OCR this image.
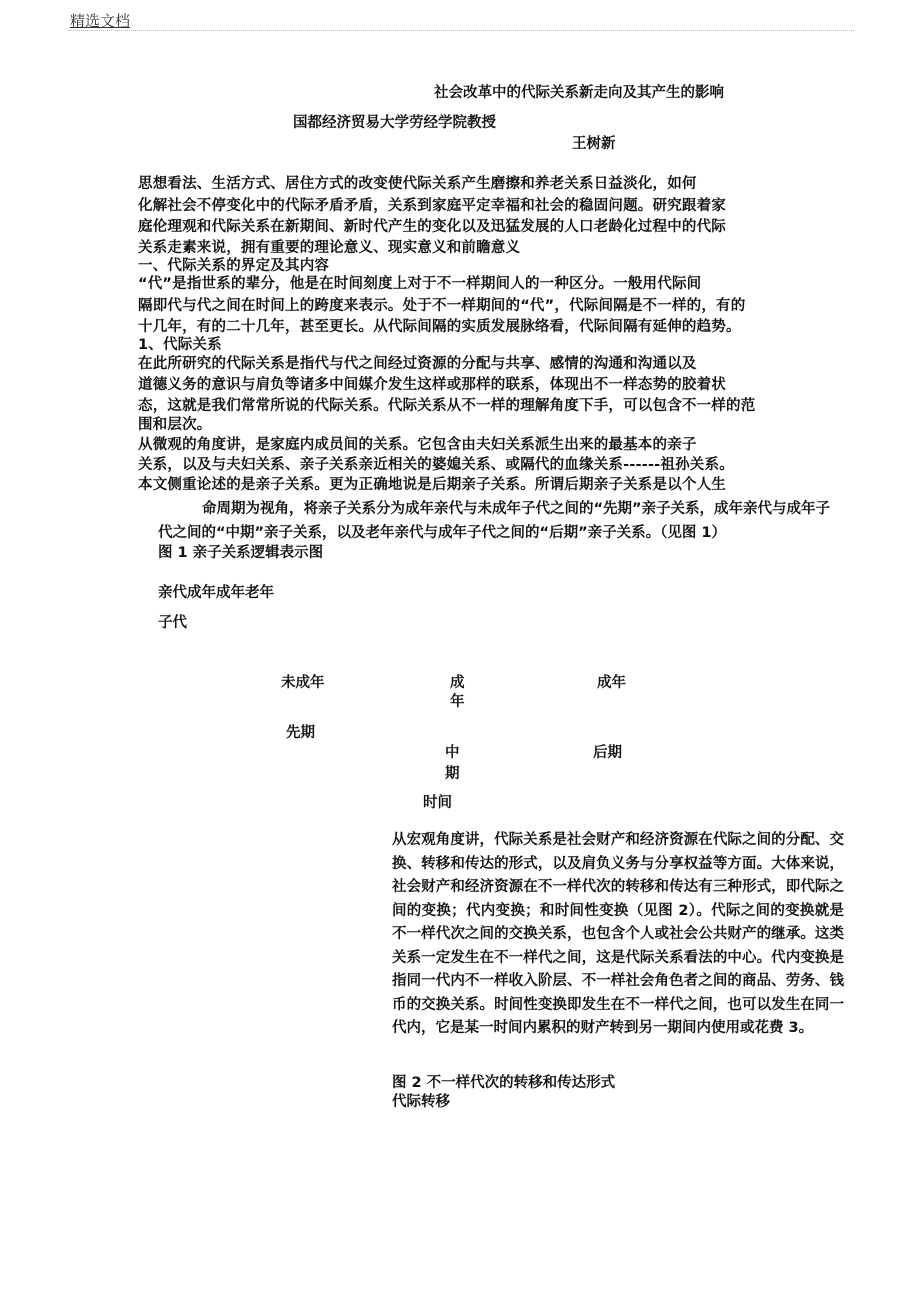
精选文档
社会改革中的代际关系新走向及其产生的影响
国都经济贸易大学劳经学院教授
王树新
思想看法、生活方式、居住方式的改变使代际关系产生磨擦和养老关系日益淡化，如何
化解社会不停变化中的代际矛盾矛盾，关系到家庭平定幸福和社会的稳固问题。研究跟着家
庭伦理观和代际关系在新期间、新时代产生的变化以及迅猛发展的人口老龄化过程中的代际
关系走素来说，拥有重要的理论意义、现实意义和前瞻意义
一、代际关系的界定及其内容
“代”是指世系的辈分，他是在时间刻度上对于不一样期间人的一种区分。一般用代际间
隔即代与代之间在时间上的跨度来表示。处于不一样期间的“代”，代际间隔是不一样的，有的
十几年，有的二十几年，甚至更长。从代际间隔的实质发展脉络看，代际间隔有延伸的趋势。
1、代际关系
在此所研究的代际关系是指代与代之间经过资源的分配与共享、感情的沟通和沟通以及
道德义务的意识与肩负等诸多中间媒介发生这样或那样的联系，体现出不一样态势的胶着状
态，这就是我们常常所说的代际关系。代际关系从不一样的理解角度下手，可以包含不一样的范
围和层次。
从微观的角度讲，是家庭内成员间的关系。它包含由夫妇关系派生出来的最基本的亲子
关系，以及与夫妇关系、亲子关系亲近相关的婆媳关系、或隔代的血缘关系------祖孙关系。
本文侧重论述的是亲子关系。更为正确地说是后期亲子关系。所谓后期亲子关系是以个人生
命周期为视角，将亲子关系分为成年亲代与未成年子代之间的“先期”亲子关系，成年亲代与成年子代之间的“中期”亲子关系，以及老年亲代与成年子代之间的“后期”亲子关系。（见图 1）
图 1 亲子关系逻辑表示图
亲代成年成年老年
子代
未成年	成
年
成年
先期
中
期
后期
时间
从宏观角度讲，代际关系是社会财产和经济资源在代际之间的分配、交换、转移和传达的形式，以及肩负义务与分享权益等方面。大体来说，社会财产和经济资源在不一样代次的转移和传达有三种形式，即代际之间的变换；代内变换；和时间性变换（见图 2）。代际之间的变换就是不一样代次之间的交换关系，也包含个人或社会公共财产的继承。这类关系一定发生在不一样代之间，这是代际关系看法的中心。代内变换是指同一代内不一样收入阶层、不一样社会角色者之间的商品、劳务、钱币的交换关系。时间性变换即发生在不一样代之间，也可以发生在同一代内，它是某一时间内累积的财产转到另一期间内使用或花费 3。
图 2 不一样代次的转移和传达形式
代际转移
